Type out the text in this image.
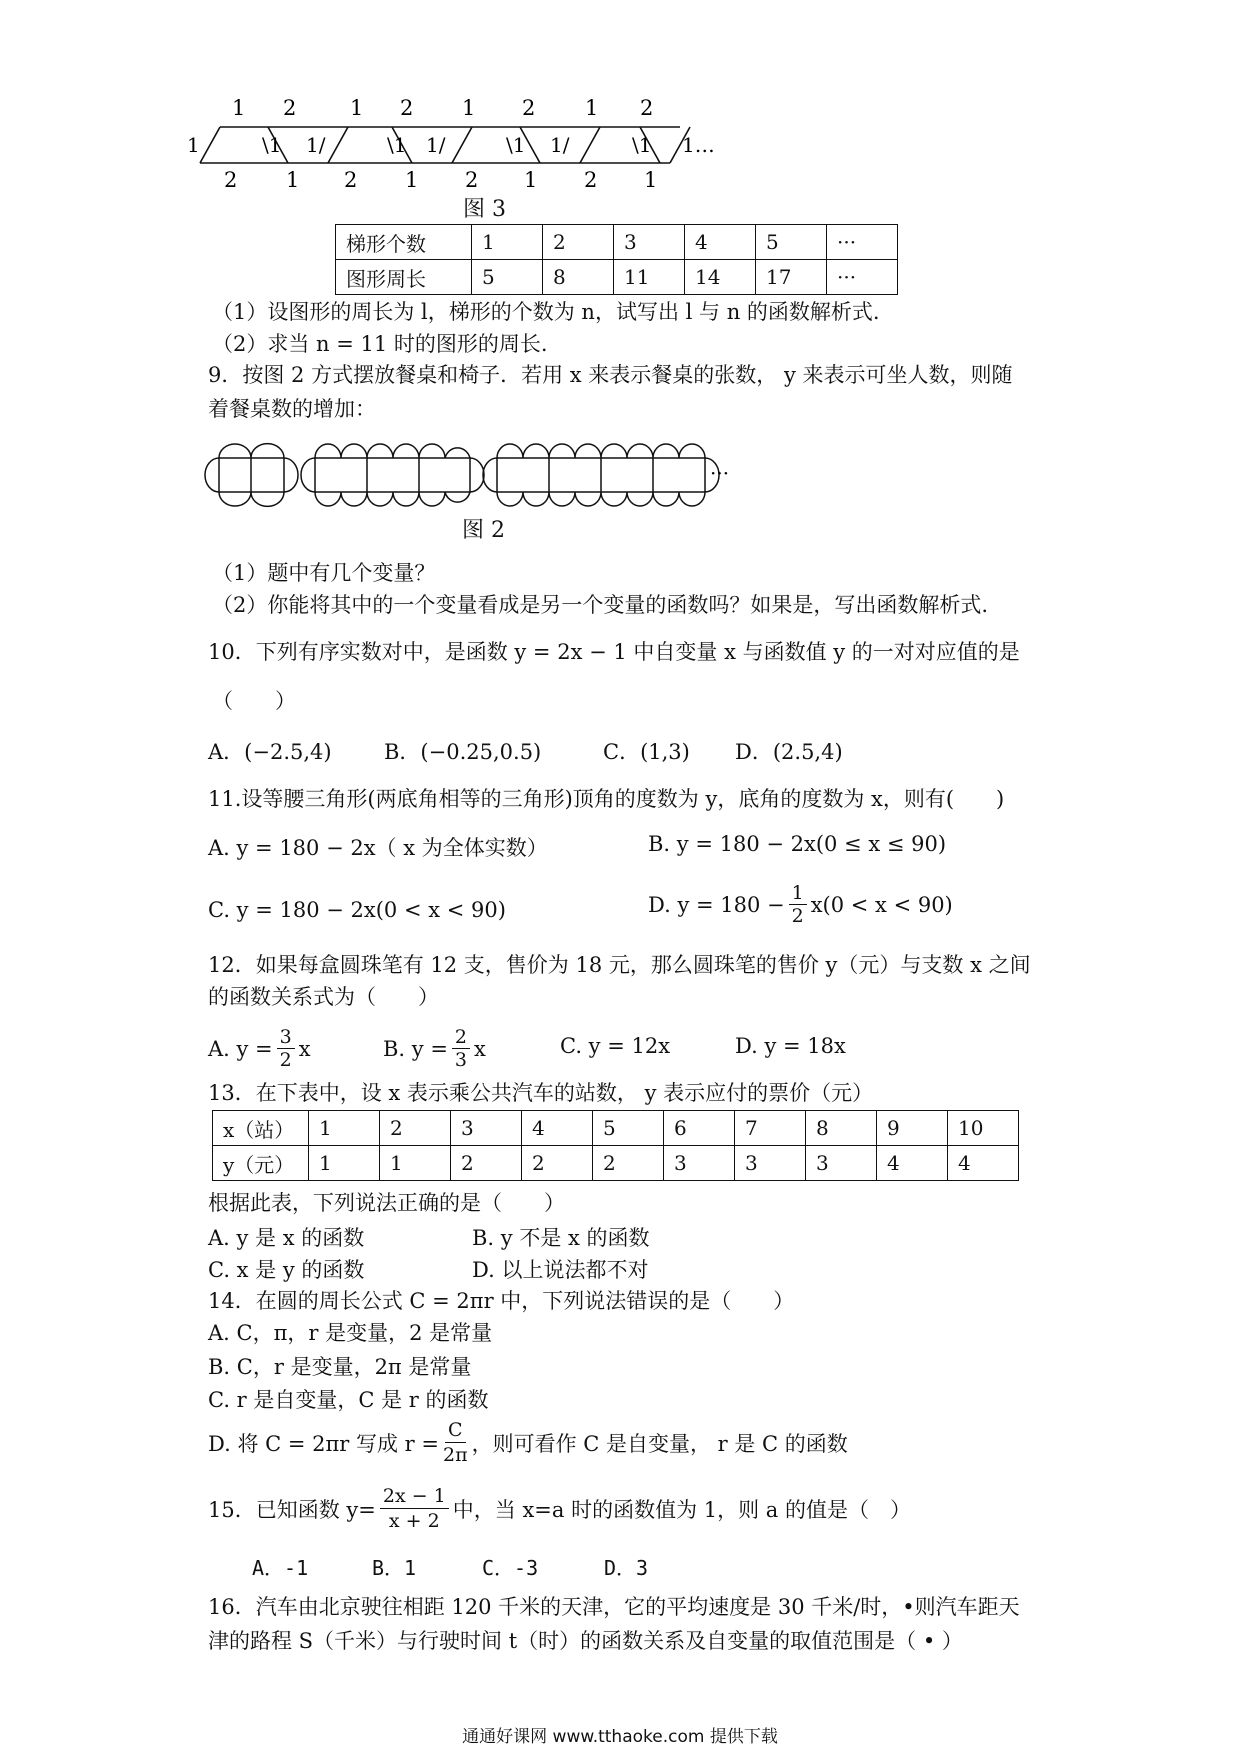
1 2	1 2 1 2 1 2
2 1 2 1 2 1 2 1
1	\1 1/	\1 1/	\1 1/	\1 1…
图 3
梯形个数	1	2	3	4	5	···
图形周长	5	8	11	14	17	···
（1）设图形的周长为 l，梯形的个数为 n，试写出 l 与 n 的函数解析式.
（2）求当 n = 11 时的图形的周长.
9．按图 2 方式摆放餐桌和椅子．若用 x 来表示餐桌的张数， y 来表示可坐人数，则随
着餐桌数的增加：
···
图 2
（1）题中有几个变量？
（2）你能将其中的一个变量看成是另一个变量的函数吗？如果是，写出函数解析式.
10．下列有序实数对中，是函数 y = 2x − 1 中自变量 x 与函数值 y 的一对对应值的是
（　　）
A．(−2.5,4) B．(−0.25,0.5)	C．(1,3) D．(2.5,4)
11.设等腰三角形(两底角相等的三角形)顶角的度数为 y，底角的度数为 x，则有(　　)
A. y = 180 − 2x（ x 为全体实数）	B. y = 180 − 2x(0 ≤ x ≤ 90)
C. y = 180 − 2x(0 < x < 90)	D. $y = 180 - \frac{1}{2} x(0 < x < 90)$
12．如果每盒圆珠笔有 12 支，售价为 18 元，那么圆珠笔的售价 y（元）与支数 x 之间
的函数关系式为（　　）
A. $y = \frac{3}{2}$ x	B. $y = \frac{2}{3}$ x	C. y = 12x	D. y = 18x
13．在下表中，设 x 表示乘公共汽车的站数， y 表示应付的票价（元）
x（站）	1	2	3	4	5	6	7	8	9	10
y（元）	1	1	2	2	2	3	3	3	4	4
根据此表，下列说法正确的是（　　）
A. y 是 x 的函数	B. y 不是 x 的函数
C. x 是 y 的函数	D. 以上说法都不对
14．在圆的周长公式 C = 2πr 中，下列说法错误的是（　　）
A. C，π，r 是变量，2 是常量
B. C，r 是变量，2π 是常量
C. r 是自变量，C 是 r 的函数
D. 将 C = 2πr 写成 $r = \frac{C}{2\pi}$ ，则可看作 C 是自变量， r 是 C 的函数
15．已知函数 $y= \frac{2x - 1}{x + 2}$ 中，当 x=a 时的函数值为 1，则 a 的值是（　）
A．-1	B．1	C．-3	D．3
16．汽车由北京驶往相距 120 千米的天津，它的平均速度是 30 千米/时，•则汽车距天
津的路程 S（千米）与行驶时间 t（时）的函数关系及自变量的取值范围是（ • ）
通通好课网 www.tthaoke.com 提供下载
